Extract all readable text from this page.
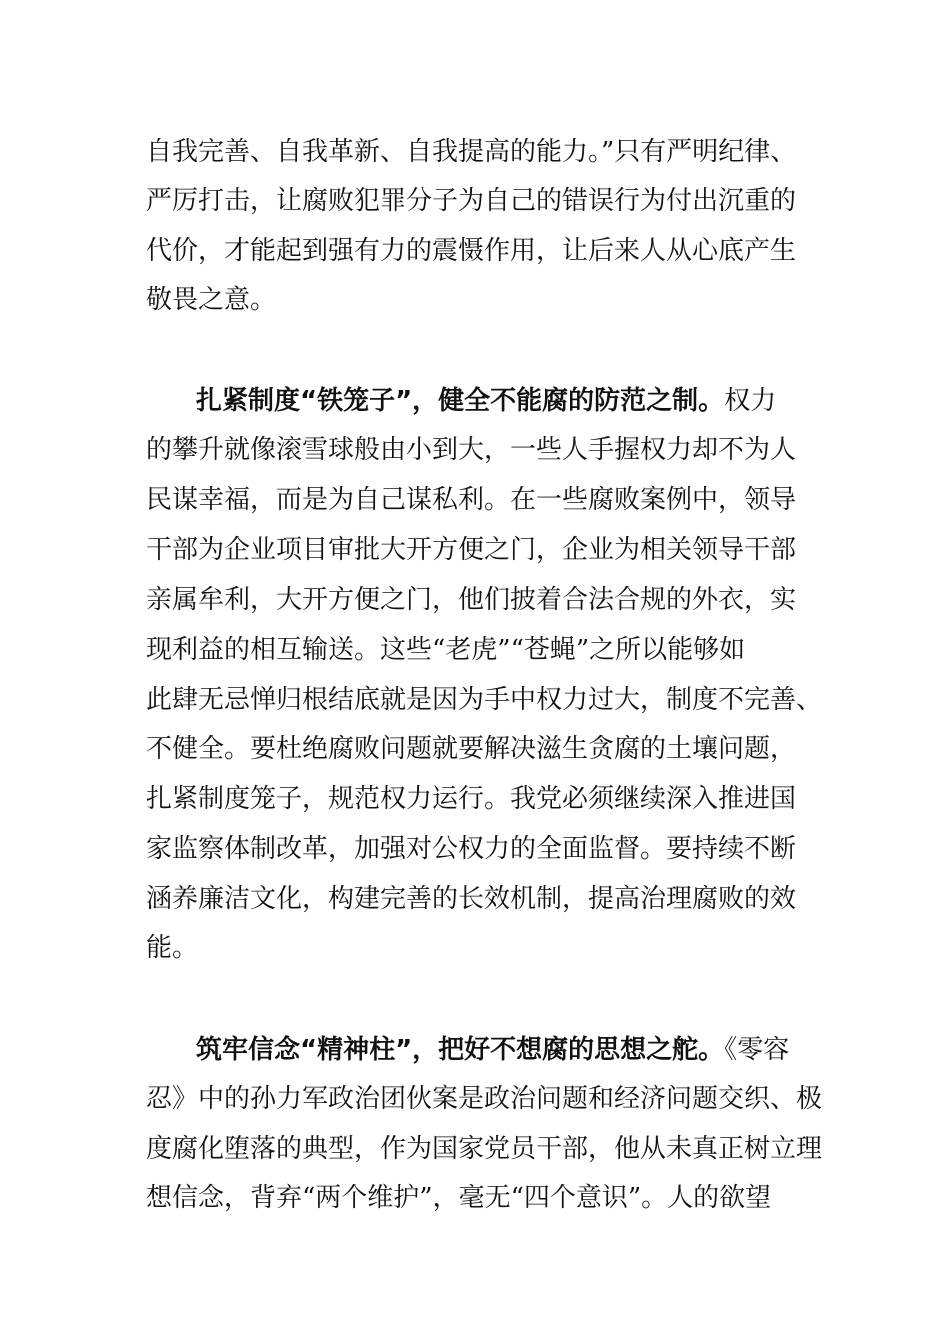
自我完善、自我革新、自我提高的能力。”只有严明纪律、
严厉打击，让腐败犯罪分子为自己的错误行为付出沉重的
代价，才能起到强有力的震慑作用，让后来人从心底产生
敬畏之意。
扎紧制度“铁笼子”，健全不能腐的防范之制。权力
的攀升就像滚雪球般由小到大，一些人手握权力却不为人
民谋幸福，而是为自己谋私利。在一些腐败案例中，领导
干部为企业项目审批大开方便之门，企业为相关领导干部
亲属牟利，大开方便之门，他们披着合法合规的外衣，实
现利益的相互输送。这些“老虎”“苍蝇”之所以能够如
此肆无忌惮归根结底就是因为手中权力过大，制度不完善、
不健全。要杜绝腐败问题就要解决滋生贪腐的土壤问题，
扎紧制度笼子，规范权力运行。我党必须继续深入推进国
家监察体制改革，加强对公权力的全面监督。要持续不断
涵养廉洁文化，构建完善的长效机制，提高治理腐败的效
能。
筑牢信念“精神柱”，把好不想腐的思想之舵。《零容
忍》中的孙力军政治团伙案是政治问题和经济问题交织、极
度腐化堕落的典型，作为国家党员干部，他从未真正树立理
想信念，背弃“两个维护”，毫无“四个意识”。人的欲望
